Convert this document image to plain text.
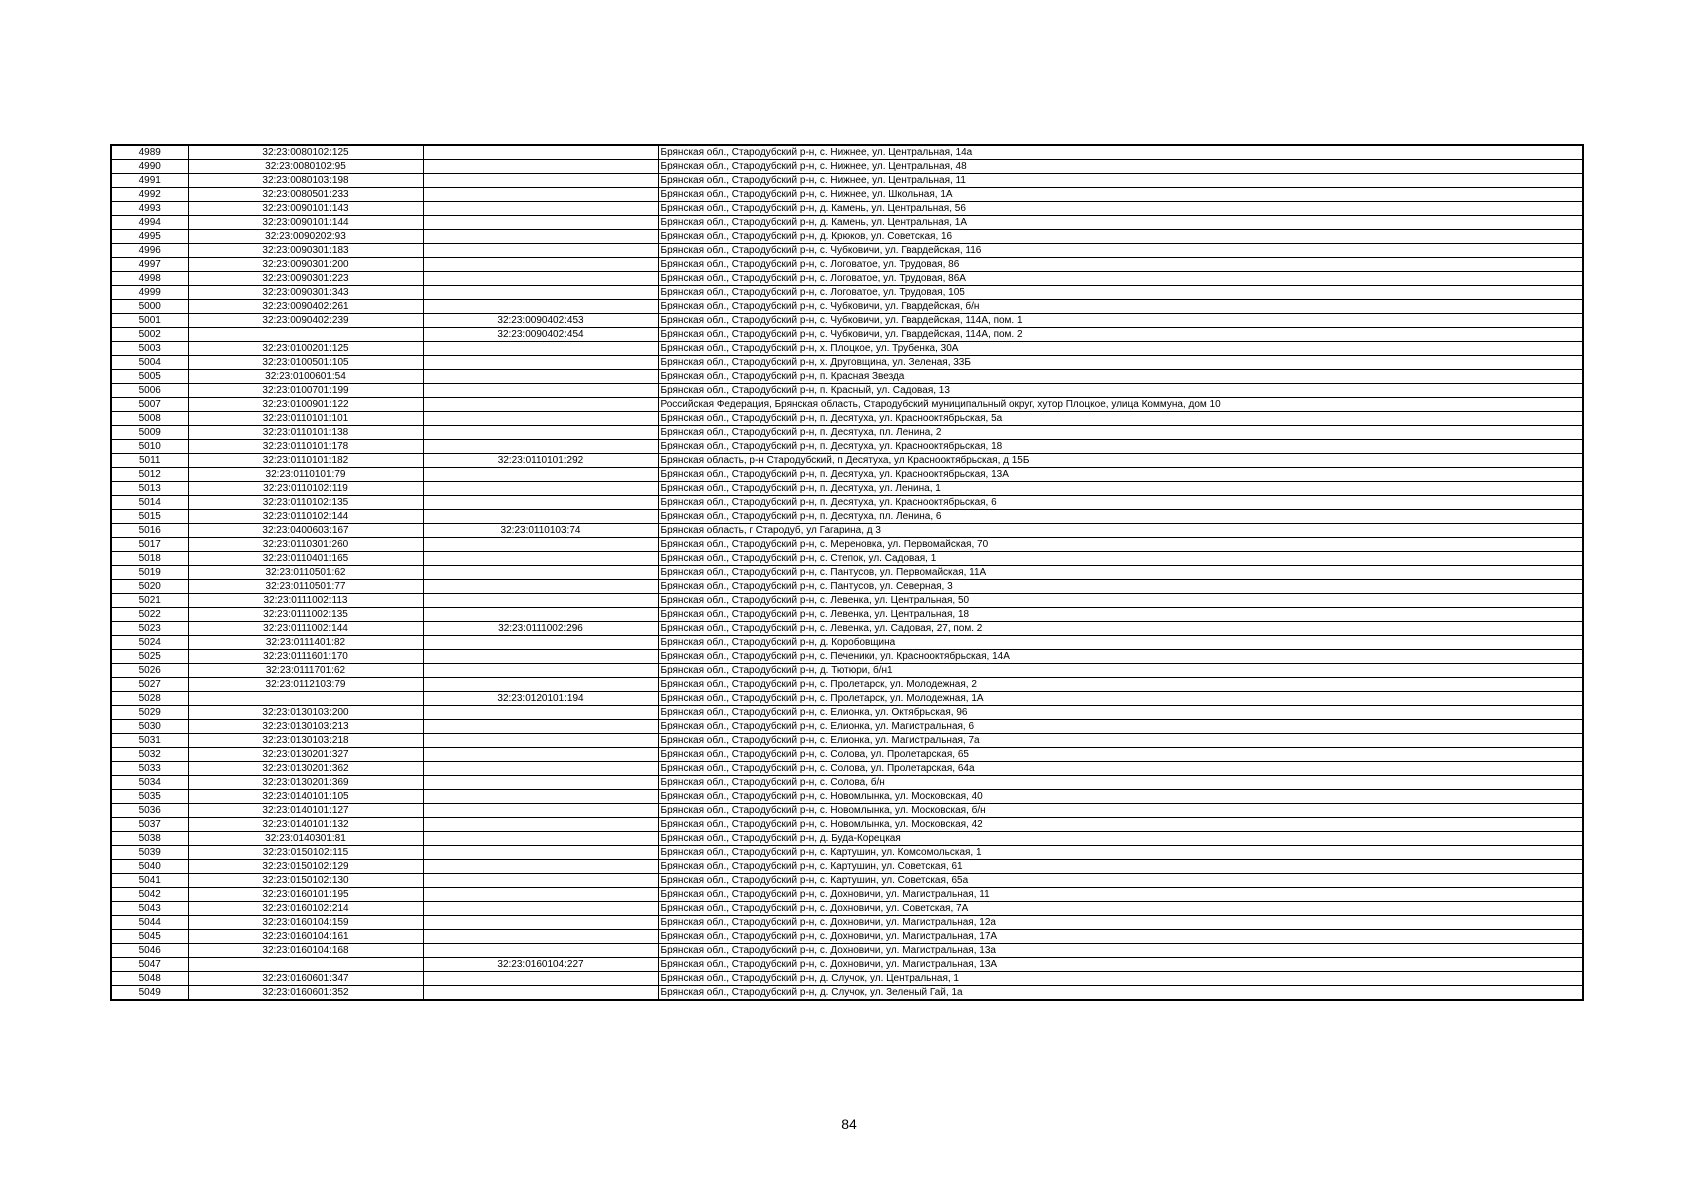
4989	32:23:0080102:125		Брянская обл., Стародубский р-н, с. Нижнее, ул. Центральная, 14а
4990	32:23:0080102:95		Брянская обл., Стародубский р-н, с. Нижнее, ул. Центральная, 48
4991	32:23:0080103:198		Брянская обл., Стародубский р-н, с. Нижнее, ул. Центральная, 11
4992	32:23:0080501:233		Брянская обл., Стародубский р-н, с. Нижнее, ул. Школьная, 1А
4993	32:23:0090101:143		Брянская обл., Стародубский р-н, д. Камень, ул. Центральная, 56
4994	32:23:0090101:144		Брянская обл., Стародубский р-н, д. Камень, ул. Центральная, 1А
4995	32:23:0090202:93		Брянская обл., Стародубский р-н, д. Крюков, ул. Советская, 16
4996	32:23:0090301:183		Брянская обл., Стародубский р-н, с. Чубковичи, ул. Гвардейская, 116
4997	32:23:0090301:200		Брянская обл., Стародубский р-н, с. Логоватое, ул. Трудовая, 86
4998	32:23:0090301:223		Брянская обл., Стародубский р-н, с. Логоватое, ул. Трудовая, 86А
4999	32:23:0090301:343		Брянская обл., Стародубский р-н, с. Логоватое, ул. Трудовая, 105
5000	32:23:0090402:261		Брянская обл., Стародубский р-н, с. Чубковичи, ул. Гвардейская, б/н
5001	32:23:0090402:239	32:23:0090402:453	Брянская обл., Стародубский р-н, с. Чубковичи, ул. Гвардейская, 114А, пом. 1
5002		32:23:0090402:454	Брянская обл., Стародубский р-н, с. Чубковичи, ул. Гвардейская, 114А, пом. 2
5003	32:23:0100201:125		Брянская обл., Стародубский р-н, х. Плоцкое, ул. Трубенка, 30А
5004	32:23:0100501:105		Брянская обл., Стародубский р-н, х. Друговщина, ул. Зеленая, 33Б
5005	32:23:0100601:54		Брянская обл., Стародубский р-н, п. Красная Звезда
5006	32:23:0100701:199		Брянская обл., Стародубский р-н, п. Красный, ул. Садовая, 13
5007	32:23:0100901:122		Российская Федерация, Брянская область, Стародубский муниципальный округ, хутор Плоцкое, улица Коммуна, дом 10
5008	32:23:0110101:101		Брянская обл., Стародубский р-н, п. Десятуха, ул. Краснооктябрьская, 5а
5009	32:23:0110101:138		Брянская обл., Стародубский р-н, п. Десятуха, пл. Ленина, 2
5010	32:23:0110101:178		Брянская обл., Стародубский р-н, п. Десятуха, ул. Краснооктябрьская, 18
5011	32:23:0110101:182	32:23:0110101:292	Брянская область, р-н Стародубский, п Десятуха, ул Краснооктябрьская, д 15Б
5012	32:23:0110101:79		Брянская обл., Стародубский р-н, п. Десятуха, ул. Краснооктябрьская, 13А
5013	32:23:0110102:119		Брянская обл., Стародубский р-н, п. Десятуха, ул. Ленина, 1
5014	32:23:0110102:135		Брянская обл., Стародубский р-н, п. Десятуха, ул. Краснооктябрьская, 6
5015	32:23:0110102:144		Брянская обл., Стародубский р-н, п. Десятуха, пл. Ленина, 6
5016	32:23:0400603:167	32:23:0110103:74	Брянская область, г Стародуб, ул Гагарина, д 3
5017	32:23:0110301:260		Брянская обл., Стародубский р-н, с. Мереновка, ул. Первомайская, 70
5018	32:23:0110401:165		Брянская обл., Стародубский р-н, с. Степок, ул. Садовая, 1
5019	32:23:0110501:62		Брянская обл., Стародубский р-н, с. Пантусов, ул. Первомайская, 11А
5020	32:23:0110501:77		Брянская обл., Стародубский р-н, с. Пантусов, ул. Северная, 3
5021	32:23:0111002:113		Брянская обл., Стародубский р-н, с. Левенка, ул. Центральная, 50
5022	32:23:0111002:135		Брянская обл., Стародубский р-н, с. Левенка, ул. Центральная, 18
5023	32:23:0111002:144	32:23:0111002:296	Брянская обл., Стародубский р-н, с. Левенка, ул. Садовая, 27, пом. 2
5024	32:23:0111401:82		Брянская обл., Стародубский р-н, д. Коробовщина
5025	32:23:0111601:170		Брянская обл., Стародубский р-н, с. Печеники, ул. Краснооктябрьская, 14А
5026	32:23:0111701:62		Брянская обл., Стародубский р-н, д. Тютюри, б/н1
5027	32:23:0112103:79		Брянская обл., Стародубский р-н, с. Пролетарск, ул. Молодежная, 2
5028		32:23:0120101:194	Брянская обл., Стародубский р-н, с. Пролетарск, ул. Молодежная, 1А
5029	32:23:0130103:200		Брянская обл., Стародубский р-н, с. Елионка, ул. Октябрьская, 96
5030	32:23:0130103:213		Брянская обл., Стародубский р-н, с. Елионка, ул. Магистральная, 6
5031	32:23:0130103:218		Брянская обл., Стародубский р-н, с. Елионка, ул. Магистральная, 7а
5032	32:23:0130201:327		Брянская обл., Стародубский р-н, с. Солова, ул. Пролетарская, 65
5033	32:23:0130201:362		Брянская обл., Стародубский р-н, с. Солова, ул. Пролетарская, 64а
5034	32:23:0130201:369		Брянская обл., Стародубский р-н, с. Солова, б/н
5035	32:23:0140101:105		Брянская обл., Стародубский р-н, с. Новомлынка, ул. Московская, 40
5036	32:23:0140101:127		Брянская обл., Стародубский р-н, с. Новомлынка, ул. Московская, б/н
5037	32:23:0140101:132		Брянская обл., Стародубский р-н, с. Новомлынка, ул. Московская, 42
5038	32:23:0140301:81		Брянская обл., Стародубский р-н, д. Буда-Корецкая
5039	32:23:0150102:115		Брянская обл., Стародубский р-н, с. Картушин, ул. Комсомольская, 1
5040	32:23:0150102:129		Брянская обл., Стародубский р-н, с. Картушин, ул. Советская, 61
5041	32:23:0150102:130		Брянская обл., Стародубский р-н, с. Картушин, ул. Советская, 65а
5042	32:23:0160101:195		Брянская обл., Стародубский р-н, с. Дохновичи, ул. Магистральная, 11
5043	32:23:0160102:214		Брянская обл., Стародубский р-н, с. Дохновичи, ул. Советская, 7А
5044	32:23:0160104:159		Брянская обл., Стародубский р-н, с. Дохновичи, ул. Магистральная, 12а
5045	32:23:0160104:161		Брянская обл., Стародубский р-н, с. Дохновичи, ул. Магистральная, 17А
5046	32:23:0160104:168		Брянская обл., Стародубский р-н, с. Дохновичи, ул. Магистральная, 13а
5047		32:23:0160104:227	Брянская обл., Стародубский р-н, с. Дохновичи, ул. Магистральная, 13А
5048	32:23:0160601:347		Брянская обл., Стародубский р-н, д. Случок, ул. Центральная, 1
5049	32:23:0160601:352		Брянская обл., Стародубский р-н, д. Случок, ул. Зеленый Гай, 1а
84
